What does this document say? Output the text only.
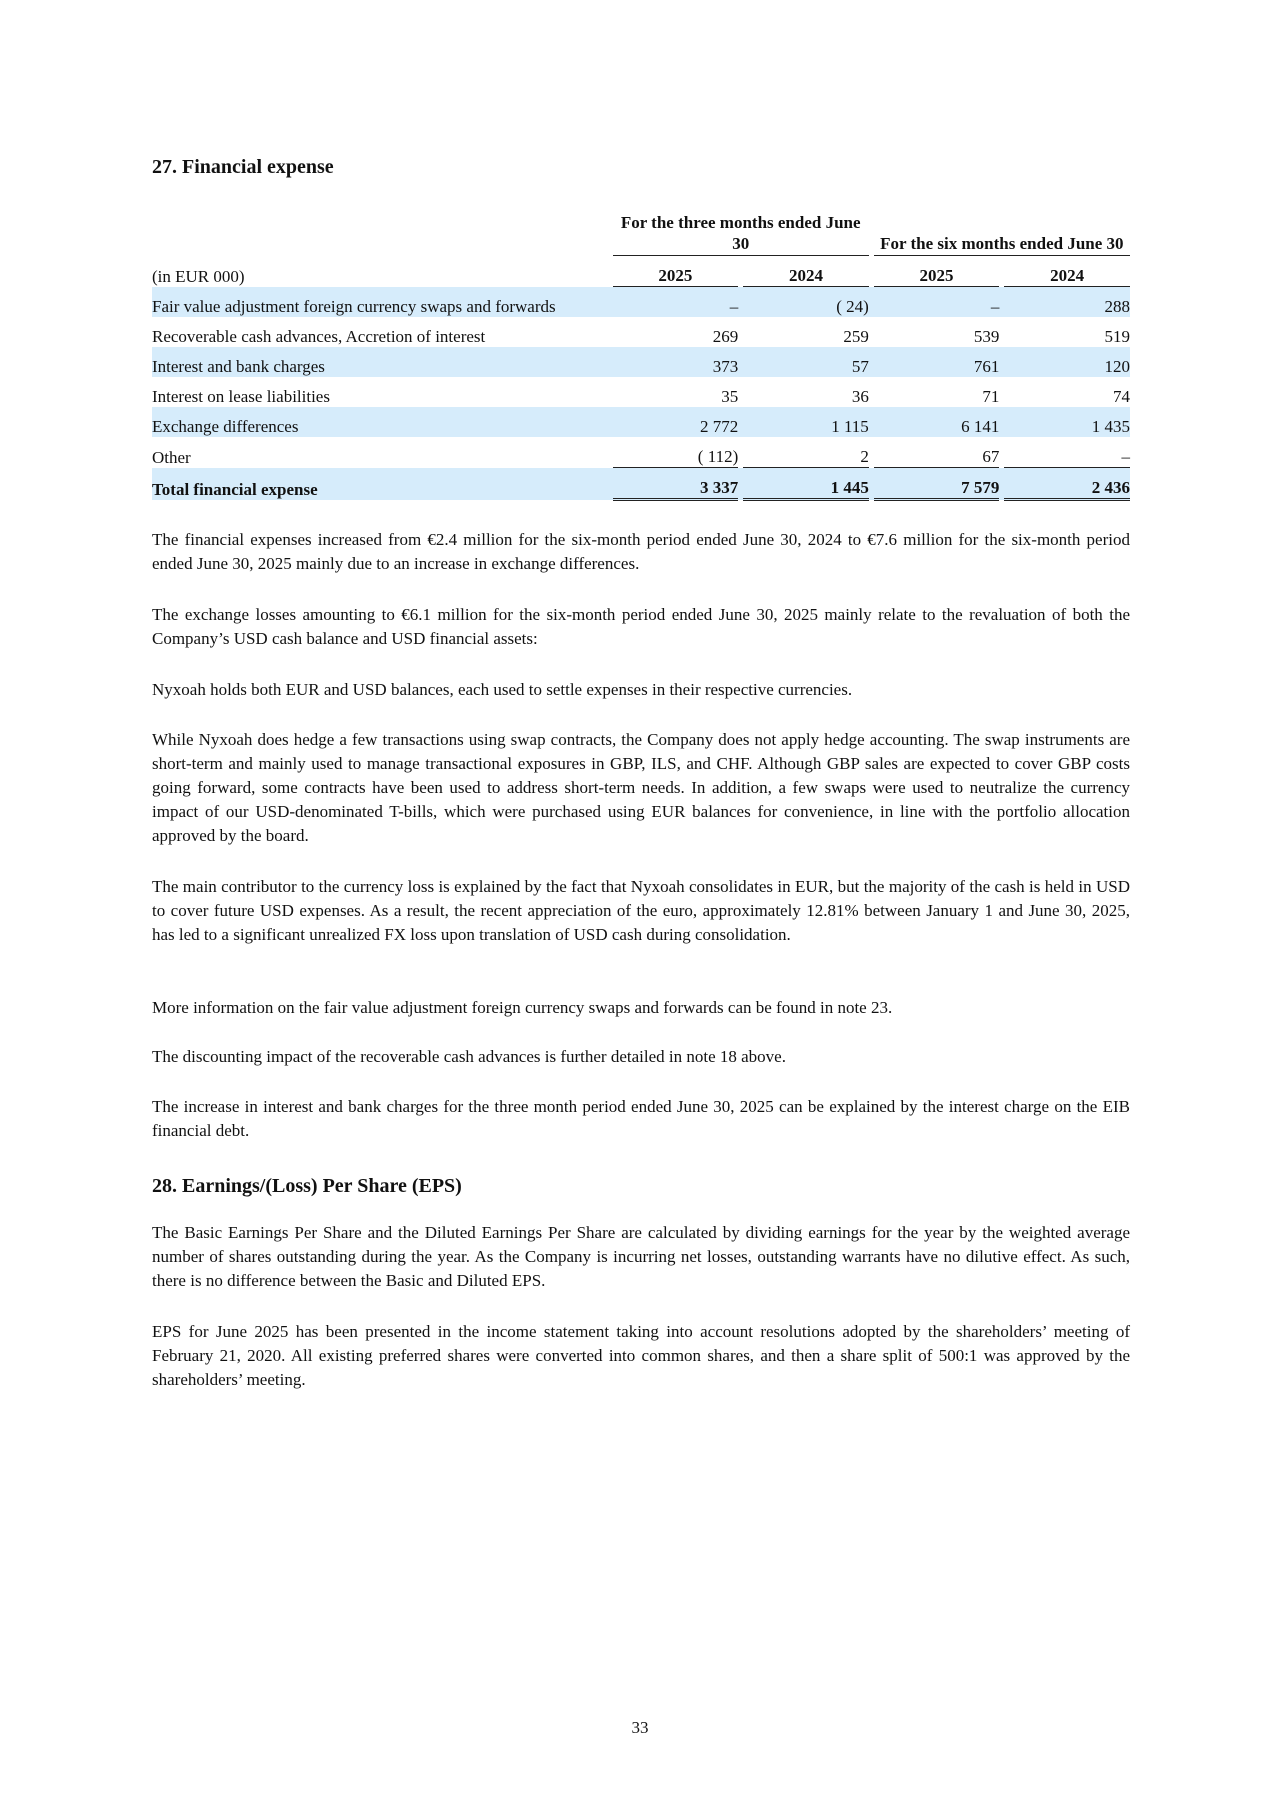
27. Financial expense
	For the three months ended June 30				For the six months ended June 30		
(in EUR 000)	2025		2024		2025		2024
Fair value adjustment foreign currency swaps and forwards	–		( 24)		–		288
Recoverable cash advances, Accretion of interest	269		259		539		519
Interest and bank charges	373		57		761		120
Interest on lease liabilities	35		36		71		74
Exchange differences	2 772		1 115		6 141		1 435
Other	( 112)		2		67		–
Total financial expense	3 337		1 445		7 579		2 436

The financial expenses increased from €2.4 million for the six-month period ended June 30, 2024 to €7.6 million for the six-month period ended June 30, 2025 mainly due to an increase in exchange differences.

The exchange losses amounting to €6.1 million for the six-month period ended June 30, 2025 mainly relate to the revaluation of both the Company’s USD cash balance and USD financial assets:

Nyxoah holds both EUR and USD balances, each used to settle expenses in their respective currencies.

While Nyxoah does hedge a few transactions using swap contracts, the Company does not apply hedge accounting. The swap instruments are short-term and mainly used to manage transactional exposures in GBP, ILS, and CHF. Although GBP sales are expected to cover GBP costs going forward, some contracts have been used to address short-term needs. In addition, a few swaps were used to neutralize the currency impact of our USD-denominated T-bills, which were purchased using EUR balances for convenience, in line with the portfolio allocation approved by the board.

The main contributor to the currency loss is explained by the fact that Nyxoah consolidates in EUR, but the majority of the cash is held in USD to cover future USD expenses. As a result, the recent appreciation of the euro, approximately 12.81% between January 1 and June 30, 2025, has led to a significant unrealized FX loss upon translation of USD cash during consolidation.

More information on the fair value adjustment foreign currency swaps and forwards can be found in note 23.

The discounting impact of the recoverable cash advances is further detailed in note 18 above.

The increase in interest and bank charges for the three month period ended June 30, 2025 can be explained by the interest charge on the EIB financial debt.

28. Earnings/(Loss) Per Share (EPS)

The Basic Earnings Per Share and the Diluted Earnings Per Share are calculated by dividing earnings for the year by the weighted average number of shares outstanding during the year. As the Company is incurring net losses, outstanding warrants have no dilutive effect. As such, there is no difference between the Basic and Diluted EPS.

EPS for June 2025 has been presented in the income statement taking into account resolutions adopted by the shareholders’ meeting of February 21, 2020. All existing preferred shares were converted into common shares, and then a share split of 500:1 was approved by the shareholders’ meeting.

33
